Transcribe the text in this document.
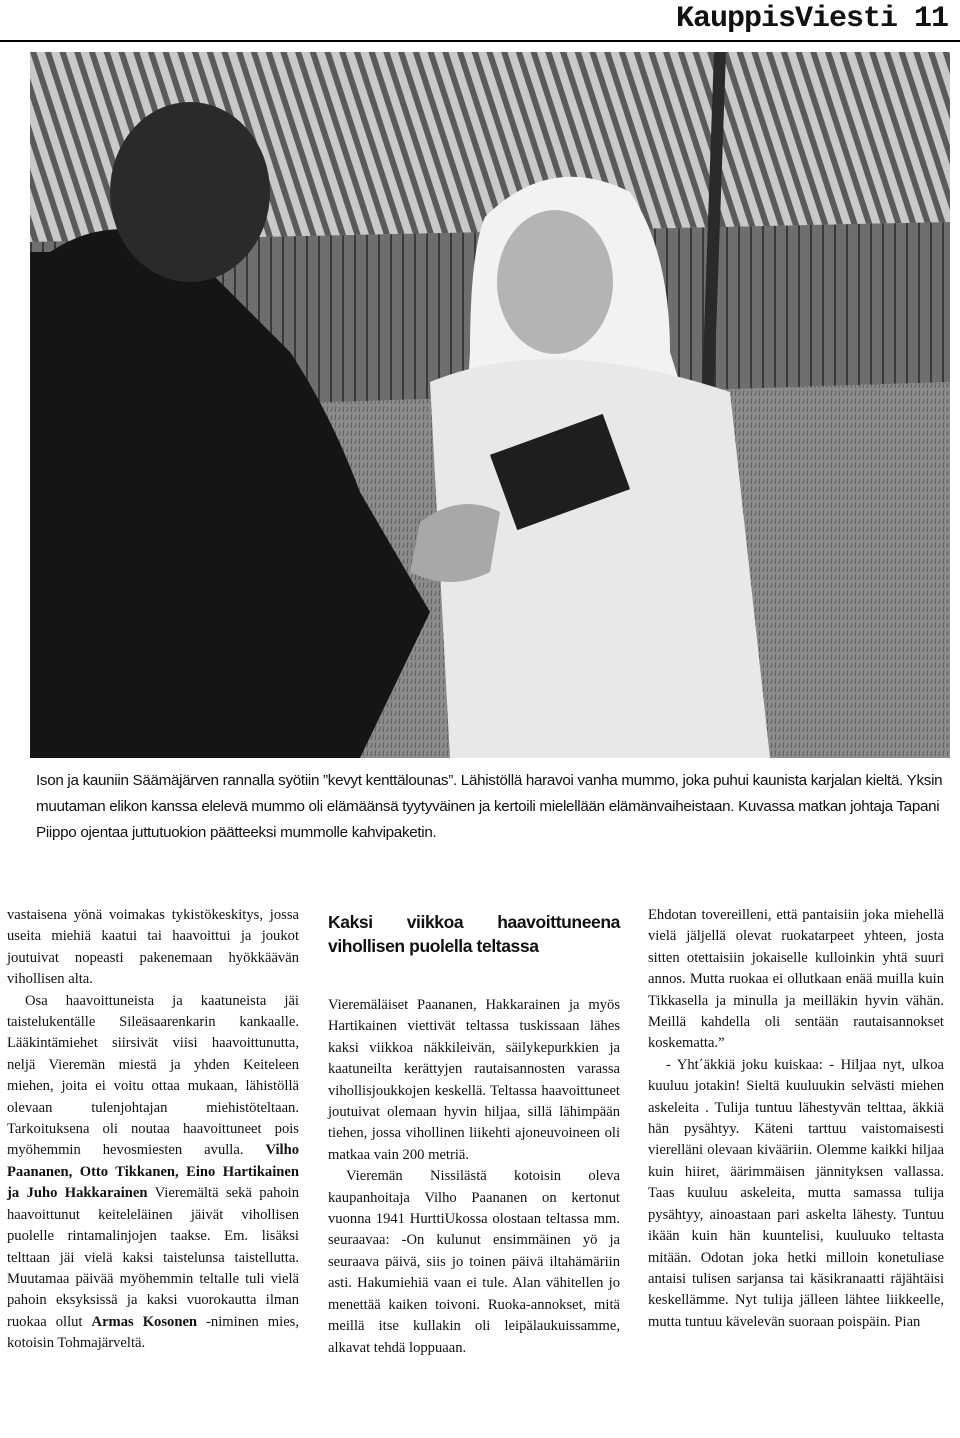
KauppisViesti 11
Ison ja kauniin Säämäjärven rannalla syötiin ”kevyt kenttälounas”. Lähistöllä haravoi vanha mummo, joka puhui kaunista karjalan kieltä. Yksin muutaman elikon kanssa elelevä mummo oli elämäänsä tyytyväinen ja kertoili mielellään elämänvaiheistaan. Kuvassa matkan johtaja Tapani Piippo ojentaa juttutuokion päätteeksi mummolle kahvipaketin.

vastaisena yönä voimakas tykistökeskitys, jossa useita miehiä kaatui tai haavoittui ja joukot joutuivat nopeasti pakenemaan hyökkäävän vihollisen alta.

Osa haavoittuneista ja kaatuneista jäi taistelukentälle Sileäsaarenkarin kankaalle. Lääkintämiehet siirsivät viisi haavoittunutta, neljä Vieremän miestä ja yhden Keiteleen miehen, joita ei voitu ottaa mukaan, lähistöllä olevaan tulenjohtajan miehistöteltaan. Tarkoituksena oli noutaa haavoittuneet pois myöhemmin hevosmiesten avulla. Vilho Paananen, Otto Tikkanen, Eino Hartikainen ja Juho Hakkarainen Vieremältä sekä pahoin haavoittunut keiteleläinen jäivät vihollisen puolelle rintamalinjojen taakse. Em. lisäksi telttaan jäi vielä kaksi taistelunsa taistellutta. Muutamaa päivää myöhemmin teltalle tuli vielä pahoin eksyksissä ja kaksi vuorokautta ilman ruokaa ollut Armas Kosonen -niminen mies, kotoisin Tohmajärveltä.

Kaksi viikkoa haavoittuneena vihollisen puolella teltassa

Vieremäläiset Paananen, Hakkarainen ja myös Hartikainen viettivät teltassa tuskissaan lähes kaksi viikkoa näkkileivän, säilykepurkkien ja kaatuneilta kerättyjen rautaisannosten varassa vihollisjoukkojen keskellä. Teltassa haavoittuneet joutuivat olemaan hyvin hiljaa, sillä lähimpään tiehen, jossa vihollinen liikehti ajoneuvoineen oli matkaa vain 200 metriä.

Vieremän Nissilästä kotoisin oleva kaupanhoitaja Vilho Paananen on kertonut vuonna 1941 HurttiUkossa olostaan teltassa mm. seuraavaa: -On kulunut ensimmäinen yö ja seuraava päivä, siis jo toinen päivä iltahämäriin asti. Hakumiehiä vaan ei tule. Alan vähitellen jo menettää kaiken toivoni. Ruoka-annokset, mitä meillä itse kullakin oli leipälaukuissamme, alkavat tehdä loppuaan.

Ehdotan tovereilleni, että pantaisiin joka miehellä vielä jäljellä olevat ruokatarpeet yhteen, josta sitten otettaisiin jokaiselle kulloinkin yhtä suuri annos. Mutta ruokaa ei ollutkaan enää muilla kuin Tikkasella ja minulla ja meilläkin hyvin vähän. Meillä kahdella oli sentään rautaisannokset koskematta.”

- Yht´äkkiä joku kuiskaa: - Hiljaa nyt, ulkoa kuuluu jotakin! Sieltä kuuluukin selvästi miehen askeleita . Tulija tuntuu lähestyvän telttaa, äkkiä hän pysähtyy. Käteni tarttuu vaistomaisesti vierelläni olevaan kivääriin. Olemme kaikki hiljaa kuin hiiret, äärimmäisen jännityksen vallassa. Taas kuuluu askeleita, mutta samassa tulija pysähtyy, ainoastaan pari askelta lähesty. Tuntuu ikään kuin hän kuuntelisi, kuuluuko teltasta mitään. Odotan joka hetki milloin konetuliase antaisi tulisen sarjansa tai käsikranaatti räjähtäisi keskellämme. Nyt tulija jälleen lähtee liikkeelle, mutta tuntuu kävelevän suoraan poispäin. Pian
